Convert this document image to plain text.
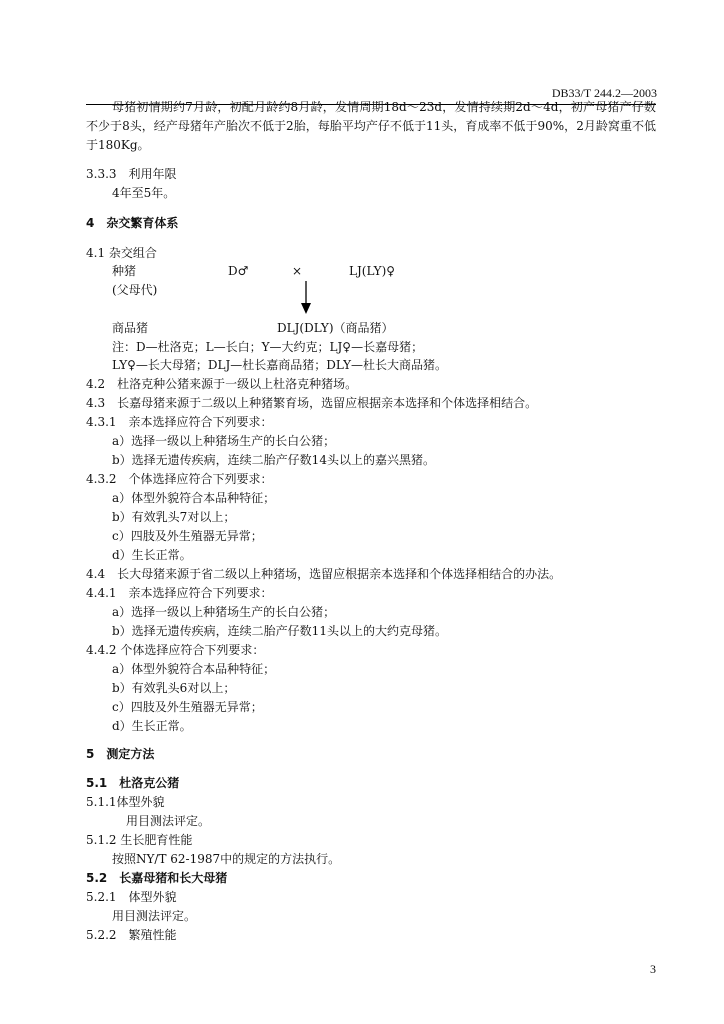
DB33/T 244.2—2003
母猪初情期约7月龄，初配月龄约8月龄，发情周期18d～23d，发情持续期2d～4d，初产母猪产仔数不少于8头，经产母猪年产胎次不低于2胎，每胎平均产仔不低于11头，育成率不低于90%，2月龄窝重不低于180Kg。
3.3.3　利用年限
4年至5年。
4　杂交繁育体系
4.1 杂交组合
种猪	D♂	×	LJ(LY)♀
(父母代)
商品猪	DLJ(DLY)（商品猪）
注：D—杜洛克；L—长白；Y—大约克；LJ♀—长嘉母猪；
LY♀—长大母猪；DLJ—杜长嘉商品猪；DLY—杜长大商品猪。
4.2　杜洛克种公猪来源于一级以上杜洛克种猪场。
4.3　长嘉母猪来源于二级以上种猪繁育场，选留应根据亲本选择和个体选择相结合。
4.3.1　亲本选择应符合下列要求：
a）选择一级以上种猪场生产的长白公猪；
b）选择无遗传疾病，连续二胎产仔数14头以上的嘉兴黑猪。
4.3.2　个体选择应符合下列要求：
a）体型外貌符合本品种特征；
b）有效乳头7对以上；
c）四肢及外生殖器无异常；
d）生长正常。
4.4　长大母猪来源于省二级以上种猪场，选留应根据亲本选择和个体选择相结合的办法。
4.4.1　亲本选择应符合下列要求：
a）选择一级以上种猪场生产的长白公猪；
b）选择无遗传疾病，连续二胎产仔数11头以上的大约克母猪。
4.4.2 个体选择应符合下列要求：
a）体型外貌符合本品种特征；
b）有效乳头6对以上；
c）四肢及外生殖器无异常；
d）生长正常。
5　测定方法
5.1　杜洛克公猪
5.1.1体型外貌
用目测法评定。
5.1.2 生长肥育性能
按照NY/T 62-1987中的规定的方法执行。
5.2　长嘉母猪和长大母猪
5.2.1　体型外貌
用目测法评定。
5.2.2　繁殖性能
3
